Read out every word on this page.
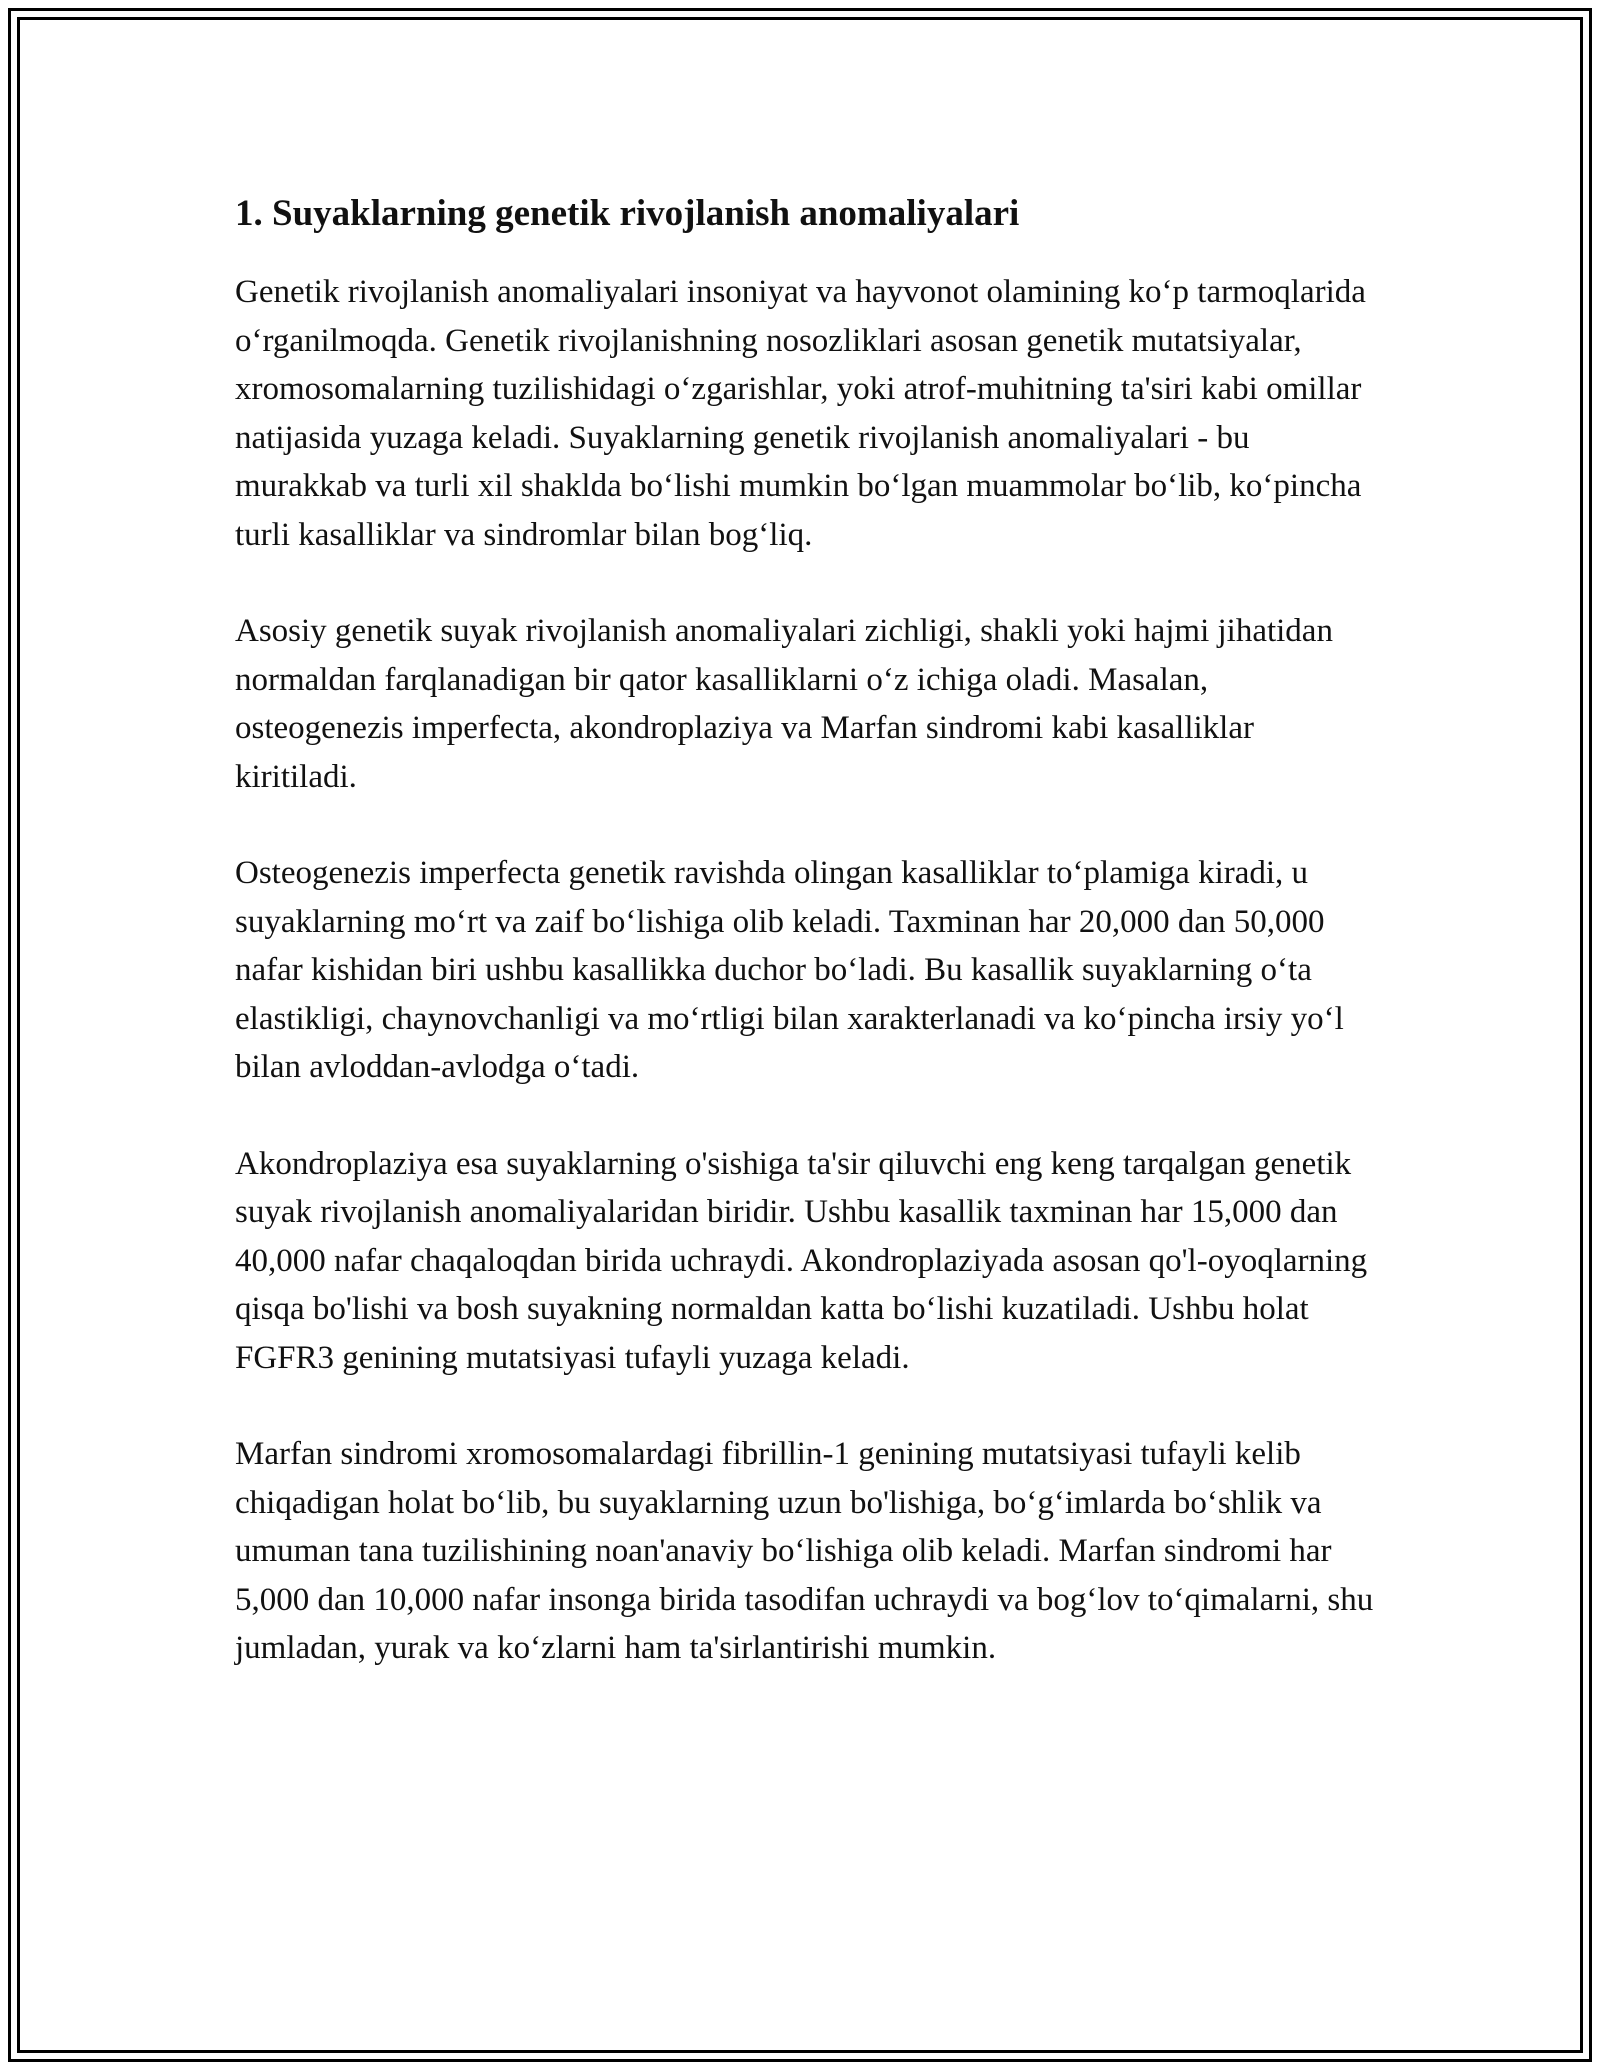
1. Suyaklarning genetik rivojlanish anomaliyalari

Genetik rivojlanish anomaliyalari insoniyat va hayvonot olamining ko‘p tarmoqlarida o‘rganilmoqda. Genetik rivojlanishning nosozliklari asosan genetik mutatsiyalar, xromosomalarning tuzilishidagi o‘zgarishlar, yoki atrof-muhitning ta'siri kabi omillar natijasida yuzaga keladi. Suyaklarning genetik rivojlanish anomaliyalari - bu murakkab va turli xil shaklda bo‘lishi mumkin bo‘lgan muammolar bo‘lib, ko‘pincha turli kasalliklar va sindromlar bilan bog‘liq.

Asosiy genetik suyak rivojlanish anomaliyalari zichligi, shakli yoki hajmi jihatidan normaldan farqlanadigan bir qator kasalliklarni o‘z ichiga oladi. Masalan, osteogenezis imperfecta, akondroplaziya va Marfan sindromi kabi kasalliklar kiritiladi.

Osteogenezis imperfecta genetik ravishda olingan kasalliklar to‘plamiga kiradi, u suyaklarning mo‘rt va zaif bo‘lishiga olib keladi. Taxminan har 20,000 dan 50,000 nafar kishidan biri ushbu kasallikka duchor bo‘ladi. Bu kasallik suyaklarning o‘ta elastikligi, chaynovchanligi va mo‘rtligi bilan xarakterlanadi va ko‘pincha irsiy yo‘l bilan avloddan-avlodga o‘tadi.

Akondroplaziya esa suyaklarning o'sishiga ta'sir qiluvchi eng keng tarqalgan genetik suyak rivojlanish anomaliyalaridan biridir. Ushbu kasallik taxminan har 15,000 dan 40,000 nafar chaqaloqdan birida uchraydi. Akondroplaziyada asosan qo'l-oyoqlarning qisqa bo'lishi va bosh suyakning normaldan katta bo‘lishi kuzatiladi. Ushbu holat FGFR3 genining mutatsiyasi tufayli yuzaga keladi.

Marfan sindromi xromosomalardagi fibrillin-1 genining mutatsiyasi tufayli kelib chiqadigan holat bo‘lib, bu suyaklarning uzun bo'lishiga, bo‘g‘imlarda bo‘shlik va umuman tana tuzilishining noan'anaviy bo‘lishiga olib keladi. Marfan sindromi har 5,000 dan 10,000 nafar insonga birida tasodifan uchraydi va bog‘lov to‘qimalarni, shu jumladan, yurak va ko‘zlarni ham ta'sirlantirishi mumkin.
